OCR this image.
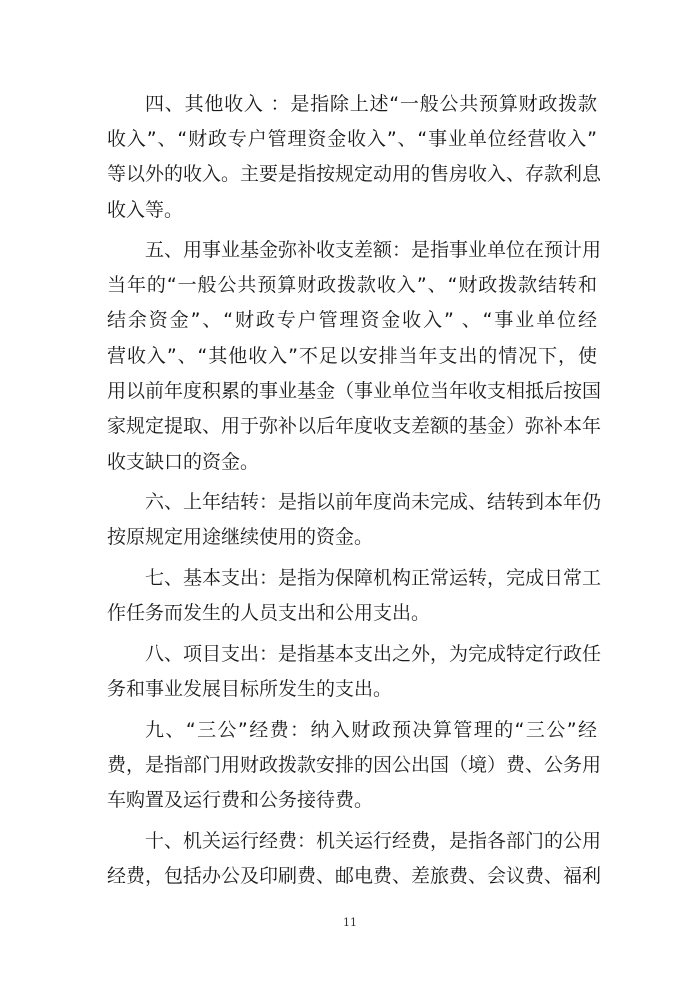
四、其他收入 ：是指除上述“一般公共预算财政拨款
收入”、“财政专户管理资金收入”、“事业单位经营收入”
等以外的收入。主要是指按规定动用的售房收入、存款利息
收入等。
五、用事业基金弥补收支差额：是指事业单位在预计用
当年的“一般公共预算财政拨款收入”、“财政拨款结转和
结余资金”、“财政专户管理资金收入” 、“事业单位经
营收入”、“其他收入”不足以安排当年支出的情况下，使
用以前年度积累的事业基金（事业单位当年收支相抵后按国
家规定提取、用于弥补以后年度收支差额的基金）弥补本年
收支缺口的资金。
六、上年结转：是指以前年度尚未完成、结转到本年仍
按原规定用途继续使用的资金。
七、基本支出：是指为保障机构正常运转，完成日常工
作任务而发生的人员支出和公用支出。
八、项目支出：是指基本支出之外，为完成特定行政任
务和事业发展目标所发生的支出。
九、“三公”经费：纳入财政预决算管理的“三公”经
费，是指部门用财政拨款安排的因公出国（境）费、公务用
车购置及运行费和公务接待费。
十、机关运行经费：机关运行经费，是指各部门的公用
经费，包括办公及印刷费、邮电费、差旅费、会议费、福利
11
